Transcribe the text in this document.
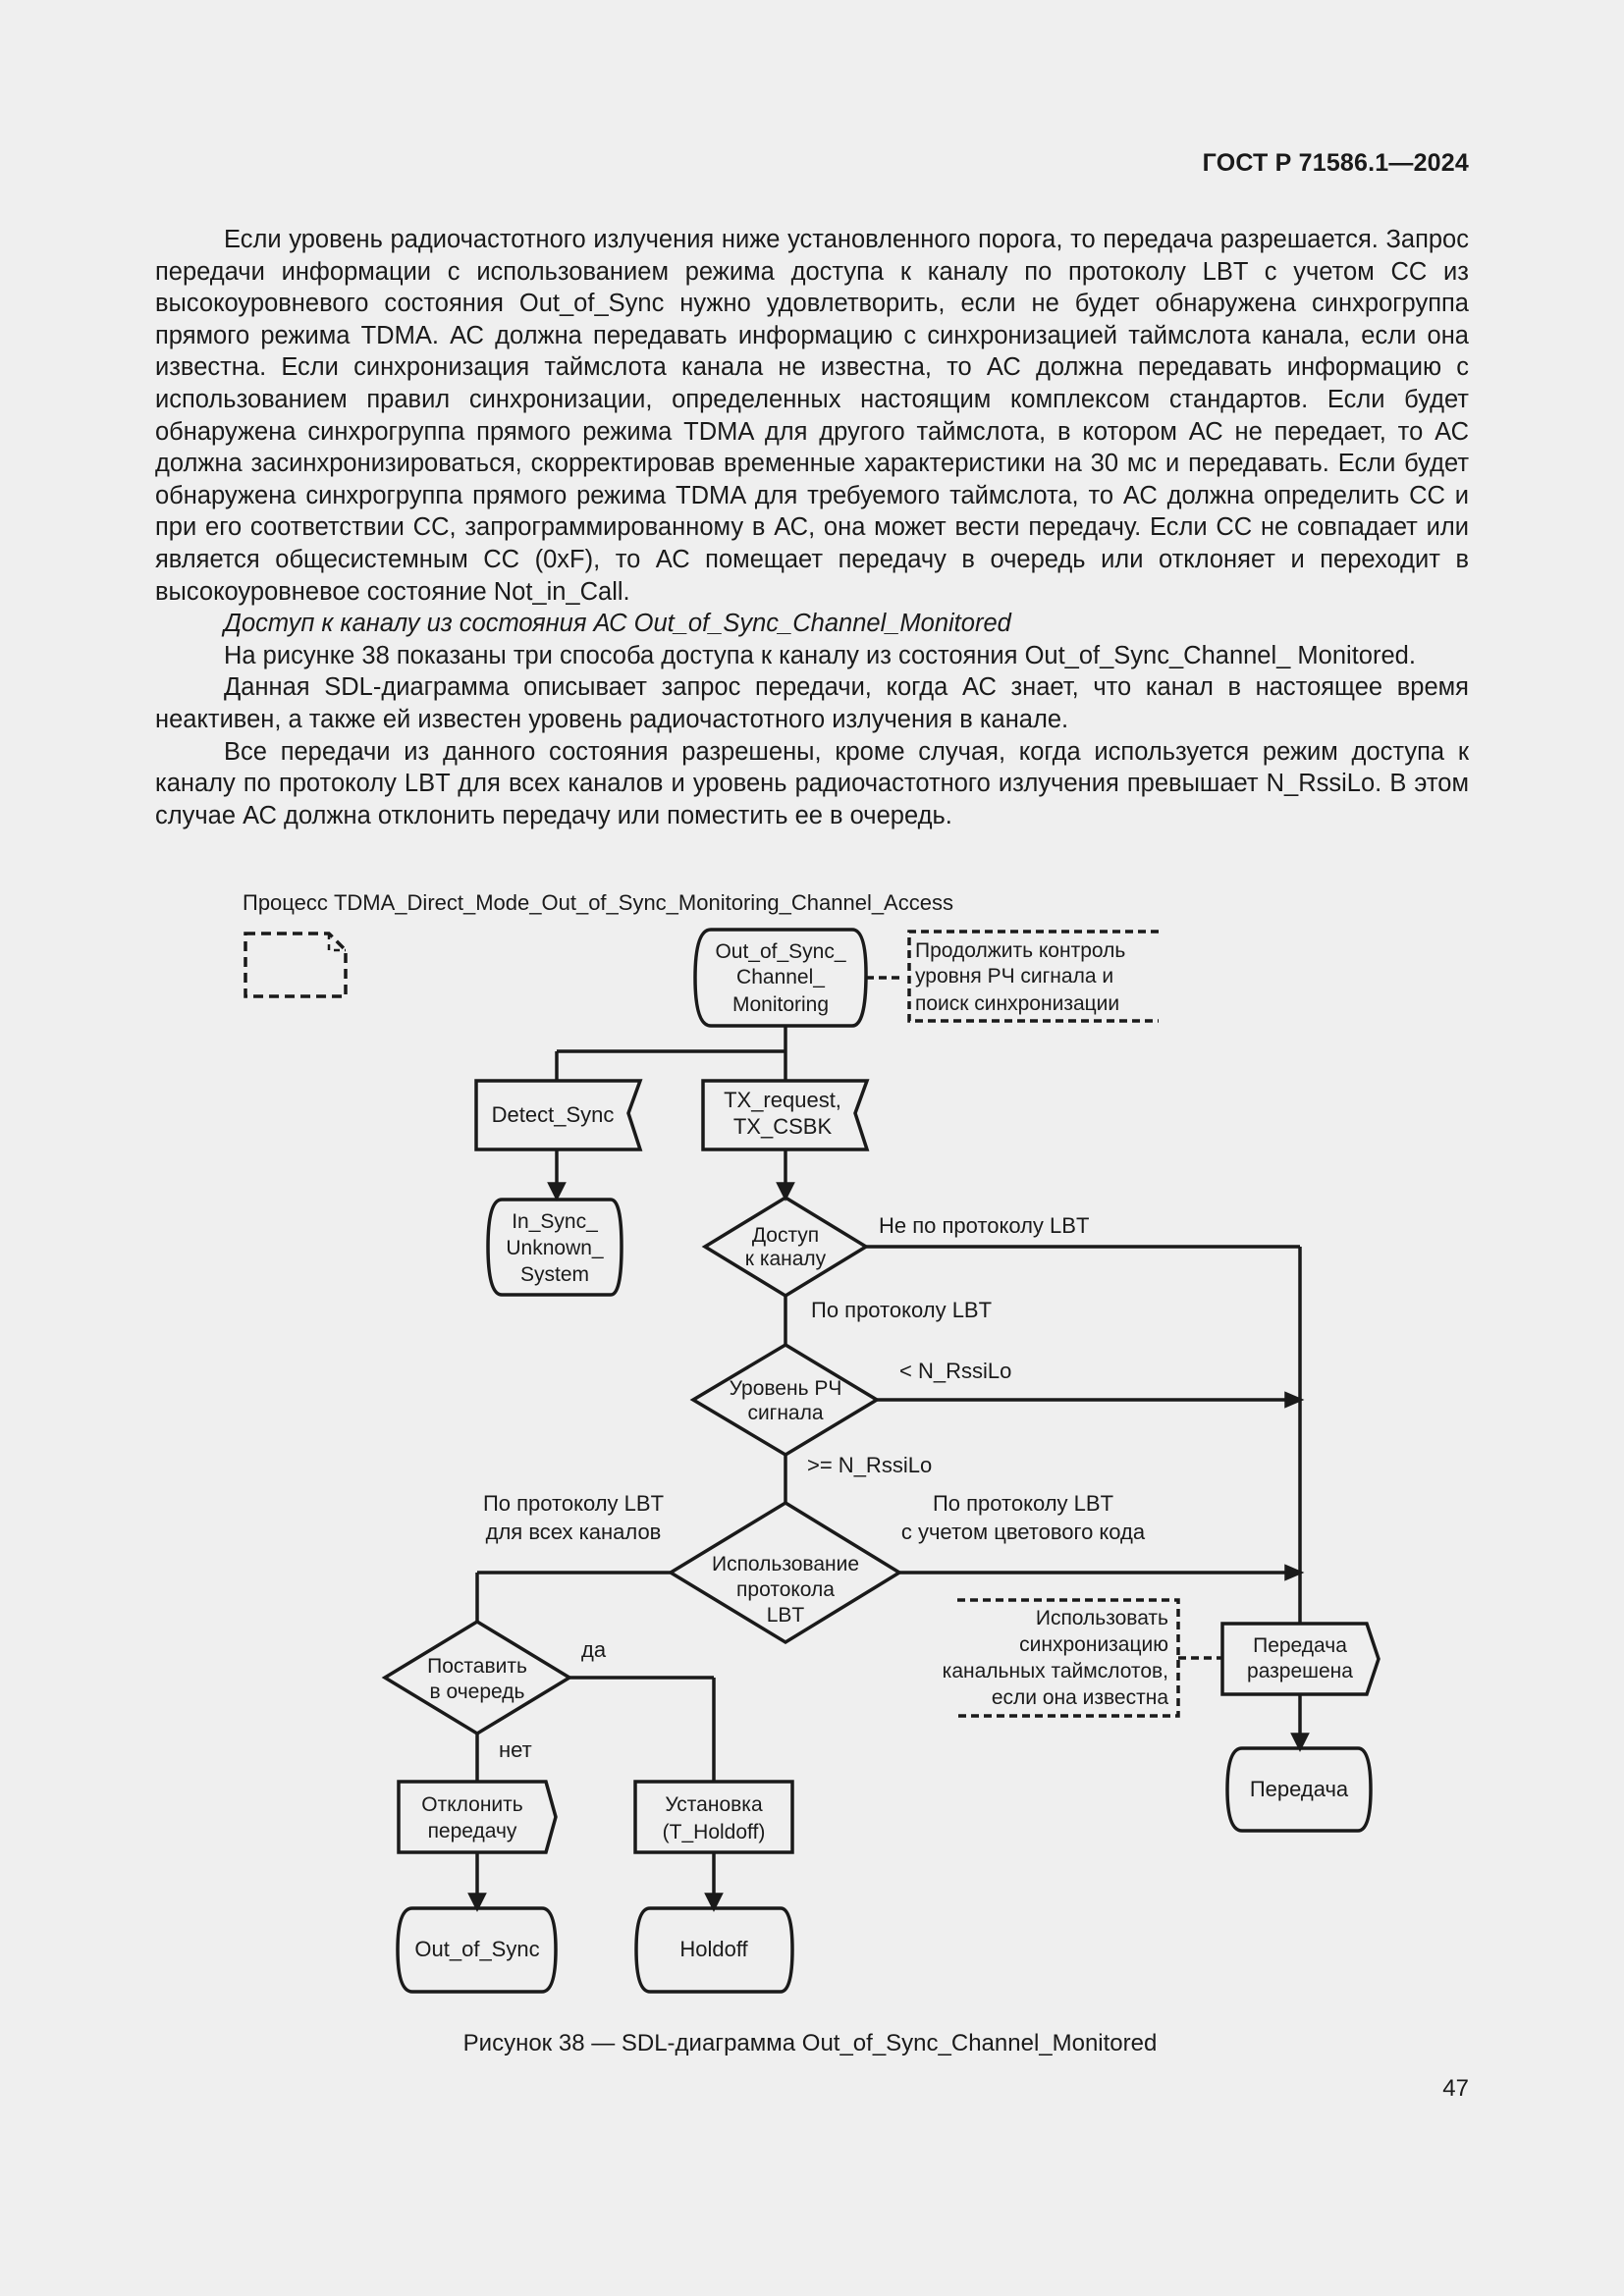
ГОСТ Р 71586.1—2024

Если уровень радиочастотного излучения ниже установленного порога, то передача разрешается. Запрос передачи информации с использованием режима доступа к каналу по протоколу LBT с учетом СС из высокоуровневого состояния Out_of_Sync нужно удовлетворить, если не будет обнаружена синхрогруппа прямого режима TDMA. АС должна передавать информацию с синхронизацией таймслота канала, если она известна. Если синхронизация таймслота канала не известна, то АС должна передавать информацию с использованием правил синхронизации, определенных настоящим комплексом стандартов. Если будет обнаружена синхрогруппа прямого режима TDMA для другого таймслота, в котором АС не передает, то АС должна засинхронизироваться, скорректировав временные характеристики на 30 мс и передавать. Если будет обнаружена синхрогруппа прямого режима TDMA для требуемого таймслота, то АС должна определить СС и при его соответствии СС, запрограммированному в АС, она может вести передачу. Если СС не совпадает или является общесистемным СС (0xF), то АС помещает передачу в очередь или отклоняет и переходит в высокоуровневое состояние Not_in_Call.

Доступ к каналу из состояния АС Out_of_Sync_Channel_Monitored

На рисунке 38 показаны три способа доступа к каналу из состояния Out_of_Sync_Channel_ Monitored.

Данная SDL-диаграмма описывает запрос передачи, когда АС знает, что канал в настоящее время неактивен, а также ей известен уровень радиочастотного излучения в канале.

Все передачи из данного состояния разрешены, кроме случая, когда используется режим доступа к каналу по протоколу LBT для всех каналов и уровень радиочастотного излучения превышает N_RssiLo. В этом случае АС должна отклонить передачу или поместить ее в очередь.

Процесс TDMA_Direct_Mode_Out_of_Sync_Monitoring_Channel_Access
Out_of_Sync_
Channel_
Monitoring
Продолжить контроль
уровня РЧ сигнала и
поиск синхронизации
Detect_Sync
TX_request,
TX_CSBK
In_Sync_
Unknown_
System
Доступ
к каналу
Не по протоколу LBT
По протоколу LBT
Уровень РЧ
сигнала
< N_RssiLo
>= N_RssiLo
Использование
протокола
LBT
По протоколу LBT
для всех каналов
По протоколу LBT
с учетом цветового кода
Поставить
в очередь
да
нет
Отклонить
передачу
Установка
(T_Holdoff)
Out_of_Sync	Holdoff
Использовать
синхронизацию
канальных таймслотов,
если она известна
Передача
разрешена
Передача
Рисунок 38 — SDL-диаграмма Out_of_Sync_Channel_Monitored
47
